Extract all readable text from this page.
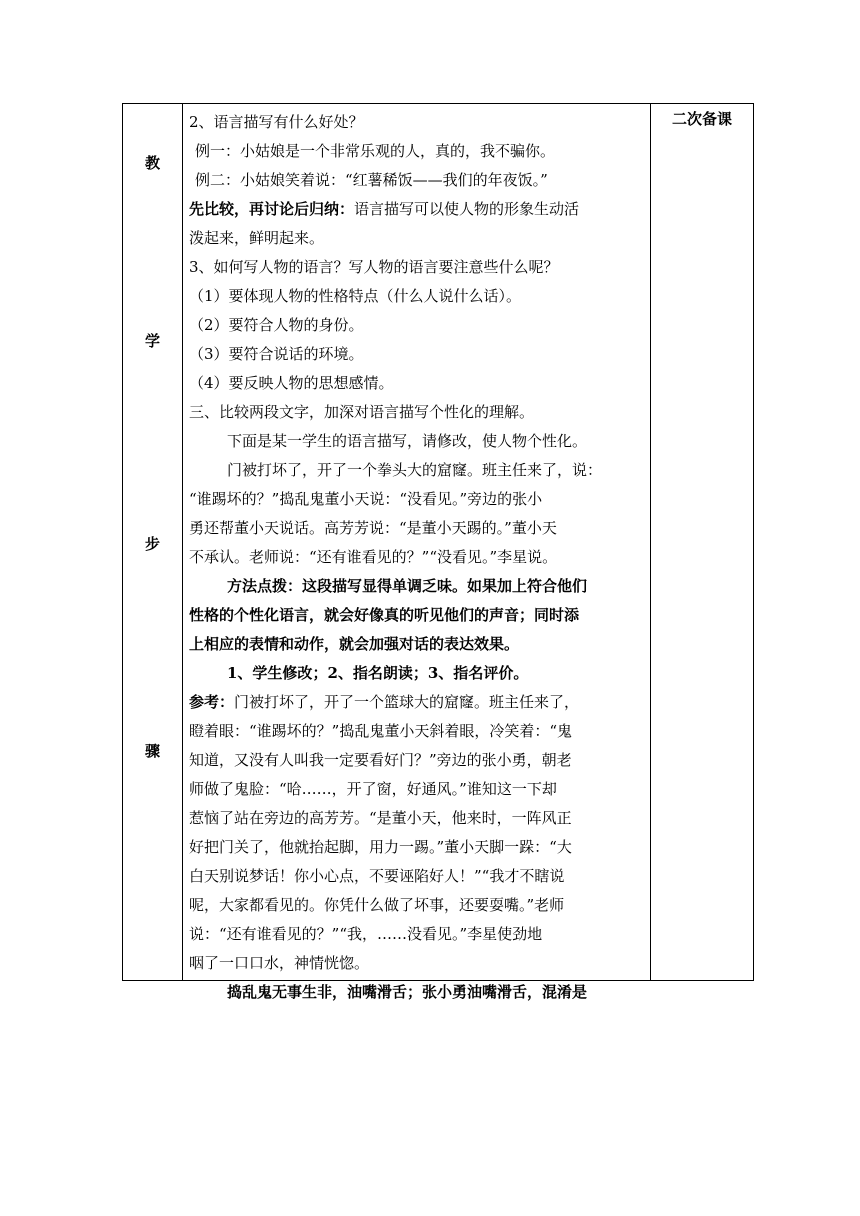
教
学
步
骤
2、语言描写有什么好处？
例一：小姑娘是一个非常乐观的人，真的，我不骗你。
例二：小姑娘笑着说：“红薯稀饭——我们的年夜饭。”
先比较，再讨论后归纳：语言描写可以使人物的形象生动活
泼起来，鲜明起来。
3、如何写人物的语言？写人物的语言要注意些什么呢？
（1）要体现人物的性格特点（什么人说什么话）。
（2）要符合人物的身份。
（3）要符合说话的环境。
（4）要反映人物的思想感情。
三、比较两段文字，加深对语言描写个性化的理解。
下面是某一学生的语言描写，请修改，使人物个性化。
门被打坏了，开了一个拳头大的窟窿。班主任来了，说：
“谁踢坏的？”捣乱鬼董小天说：“没看见。”旁边的张小
勇还帮董小天说话。高芳芳说：“是董小天踢的。”董小天
不承认。老师说：“还有谁看见的？”“没看见。”李星说。
方法点拨：这段描写显得单调乏味。如果加上符合他们
性格的个性化语言，就会好像真的听见他们的声音；同时添
上相应的表情和动作，就会加强对话的表达效果。
1、学生修改；2、指名朗读；3、指名评价。
参考：门被打坏了，开了一个篮球大的窟窿。班主任来了，
瞪着眼：“谁踢坏的？”捣乱鬼董小天斜着眼，冷笑着：“鬼
知道，又没有人叫我一定要看好门？”旁边的张小勇，朝老
师做了鬼脸：“哈……，开了窗，好通风。”谁知这一下却
惹恼了站在旁边的高芳芳。“是董小天，他来时，一阵风正
好把门关了，他就抬起脚，用力一踢。”董小天脚一跺：“大
白天别说梦话！你小心点，不要诬陷好人！”“我才不瞎说
呢，大家都看见的。你凭什么做了坏事，还要耍嘴。”老师
说：“还有谁看见的？”“我，……没看见。”李星使劲地
咽了一口口水，神情恍惚。
捣乱鬼无事生非，油嘴滑舌；张小勇油嘴滑舌，混淆是
二次备课
